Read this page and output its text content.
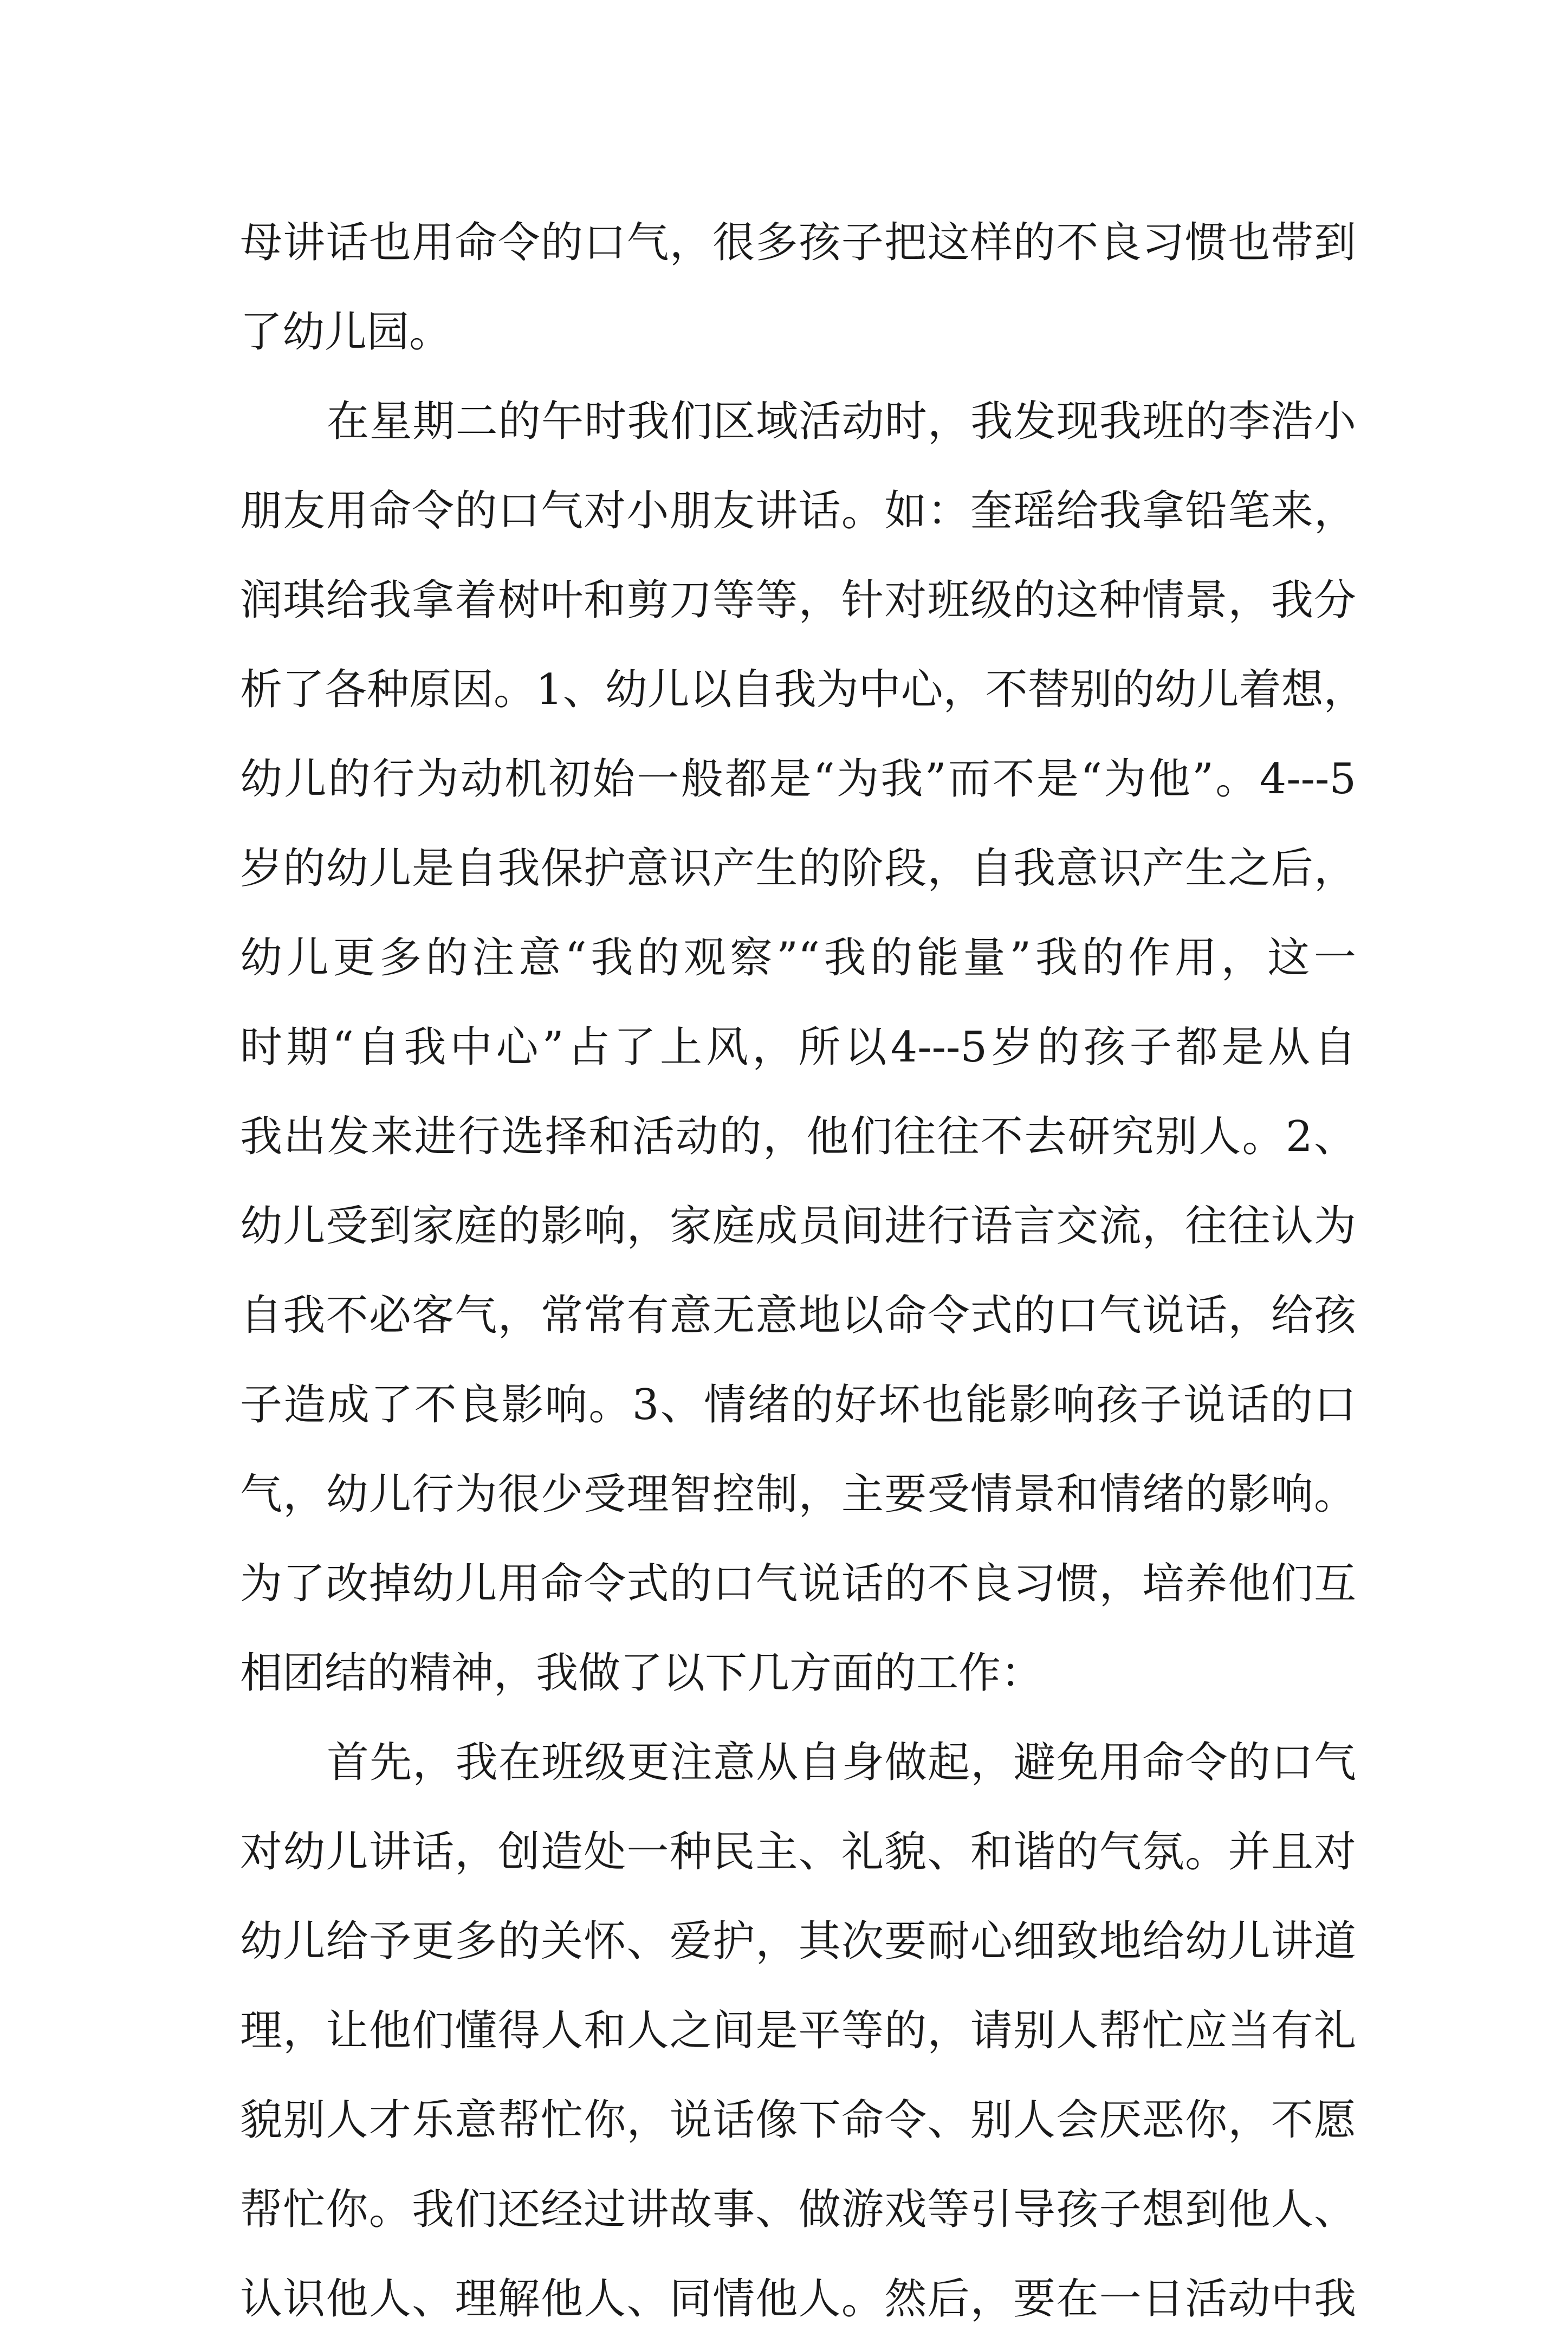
母讲话也用命令的口气，很多孩子把这样的不良习惯也带到
了幼儿园。
在星期二的午时我们区域活动时，我发现我班的李浩小
朋友用命令的口气对小朋友讲话。如：奎瑶给我拿铅笔来，
润琪给我拿着树叶和剪刀等等，针对班级的这种情景，我分
析了各种原因。1、幼儿以自我为中心，不替别的幼儿着想，
幼儿的行为动机初始一般都是“为我”而不是“为他”。4---5
岁的幼儿是自我保护意识产生的阶段，自我意识产生之后，
幼儿更多的注意“我的观察”“我的能量”我的作用，这一
时期“自我中心”占了上风，所以4---5岁的孩子都是从自
我出发来进行选择和活动的，他们往往不去研究别人。2、
幼儿受到家庭的影响，家庭成员间进行语言交流，往往认为
自我不必客气，常常有意无意地以命令式的口气说话，给孩
子造成了不良影响。3、情绪的好坏也能影响孩子说话的口
气，幼儿行为很少受理智控制，主要受情景和情绪的影响。
为了改掉幼儿用命令式的口气说话的不良习惯，培养他们互
相团结的精神，我做了以下几方面的工作：
首先，我在班级更注意从自身做起，避免用命令的口气
对幼儿讲话，创造处一种民主、礼貌、和谐的气氛。并且对
幼儿给予更多的关怀、爱护，其次要耐心细致地给幼儿讲道
理，让他们懂得人和人之间是平等的，请别人帮忙应当有礼
貌别人才乐意帮忙你，说话像下命令、别人会厌恶你，不愿
帮忙你。我们还经过讲故事、做游戏等引导孩子想到他人、
认识他人、理解他人、同情他人。然后，要在一日活动中我
